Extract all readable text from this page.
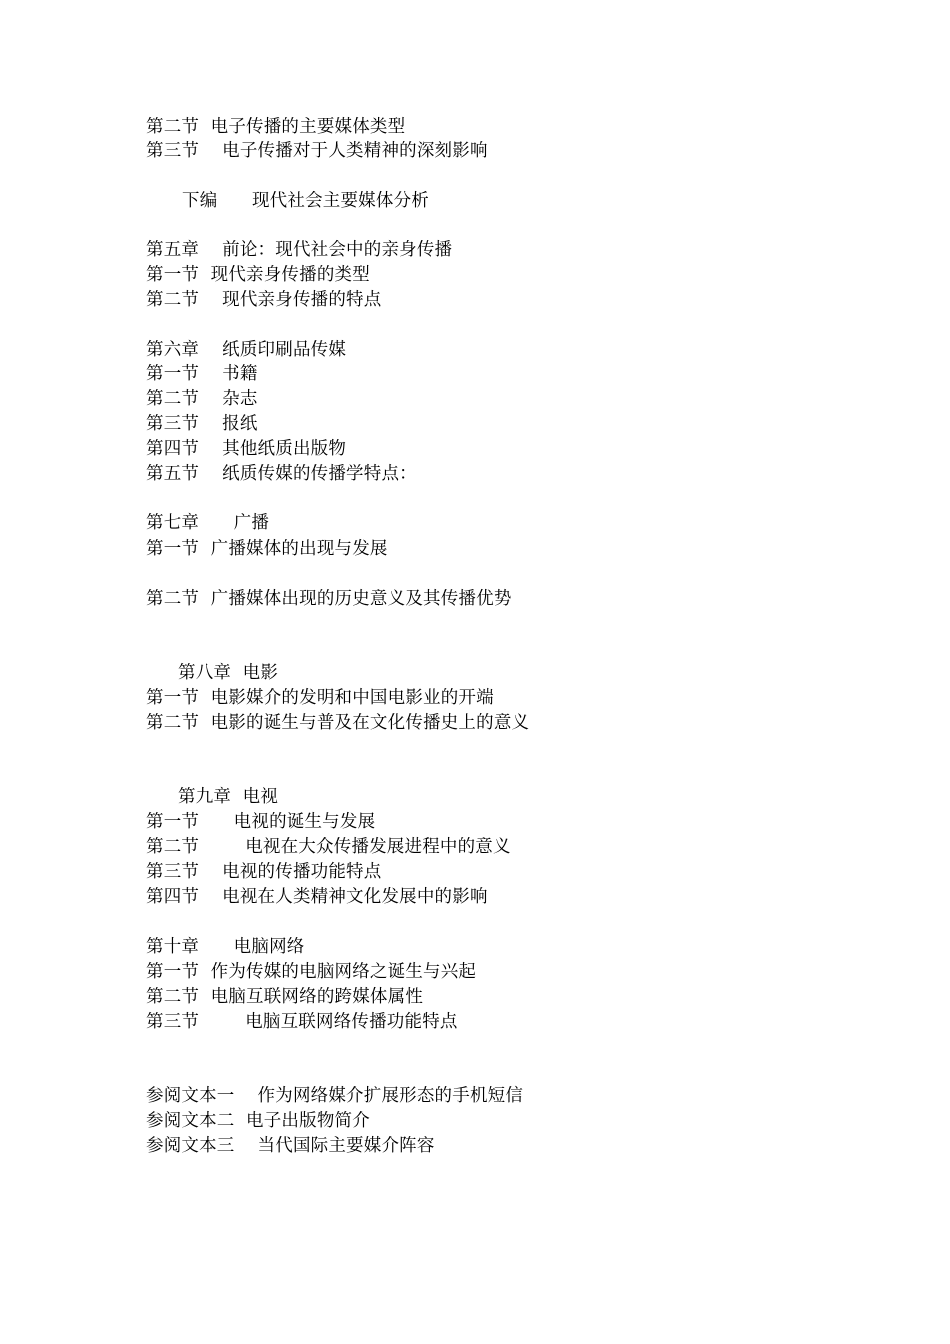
第二节  电子传播的主要媒体类型
第三节    电子传播对于人类精神的深刻影响
下编      现代社会主要媒体分析
第五章    前论：现代社会中的亲身传播
第一节  现代亲身传播的类型
第二节    现代亲身传播的特点
第六章    纸质印刷品传媒
第一节    书籍
第二节    杂志
第三节    报纸
第四节    其他纸质出版物
第五节    纸质传媒的传播学特点：
第七章      广播
第一节  广播媒体的出现与发展
第二节  广播媒体出现的历史意义及其传播优势
第八章  电影
第一节  电影媒介的发明和中国电影业的开端
第二节  电影的诞生与普及在文化传播史上的意义
第九章  电视
第一节      电视的诞生与发展
第二节        电视在大众传播发展进程中的意义
第三节    电视的传播功能特点
第四节    电视在人类精神文化发展中的影响
第十章      电脑网络
第一节  作为传媒的电脑网络之诞生与兴起
第二节  电脑互联网络的跨媒体属性
第三节        电脑互联网络传播功能特点
参阅文本一    作为网络媒介扩展形态的手机短信
参阅文本二  电子出版物简介
参阅文本三    当代国际主要媒介阵容
